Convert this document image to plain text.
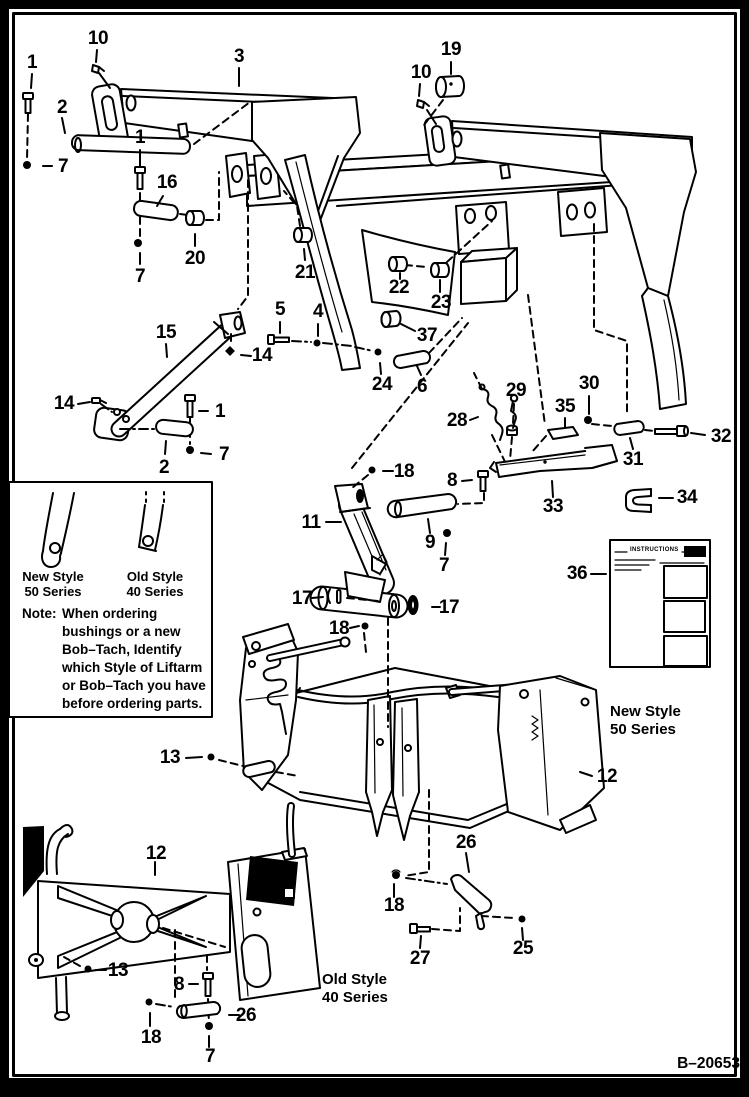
1
10
3
2
7
1
16
20
7	21
19
10
22
23
37
5 4
14
24 6
15
14	1
7
2
28
29
35
30
31
32
33	34
36
18 8
9
7
11
17	17
18
13
12
12
13
8
26
18
7
26
18
27	25
New Style
50 Series
Old Style
40 Series
Note: When ordering
bushings or a new
Bob–Tach, Identify
which Style of Liftarm
or Bob–Tach you have
before ordering parts.	New Style
50 Series
Old Style
40 Series
INSTRUCTIONS
B–20653
